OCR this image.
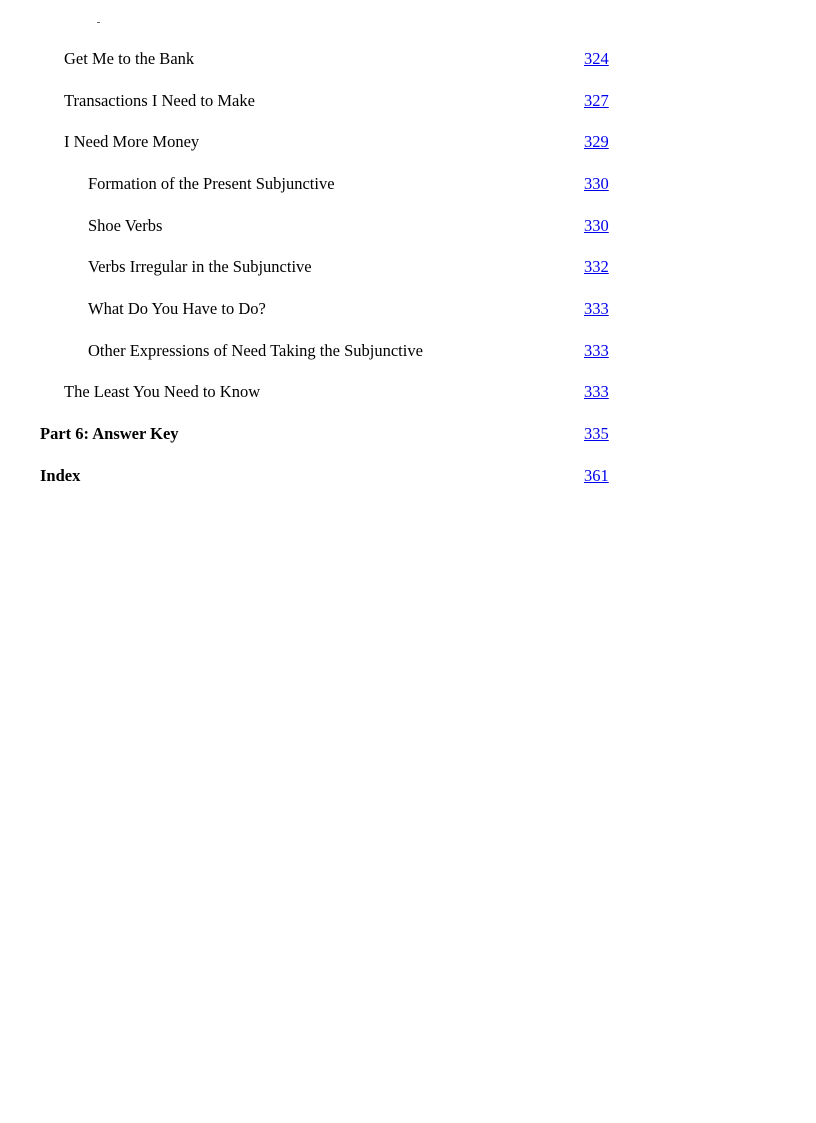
Get Me to the Bank	324
Transactions I Need to Make	327
I Need More Money	329
Formation of the Present Subjunctive	330
Shoe Verbs	330
Verbs Irregular in the Subjunctive	332
What Do You Have to Do?	333
Other Expressions of Need Taking the Subjunctive	333
The Least You Need to Know	333
Part 6: Answer Key	335
Index	361
